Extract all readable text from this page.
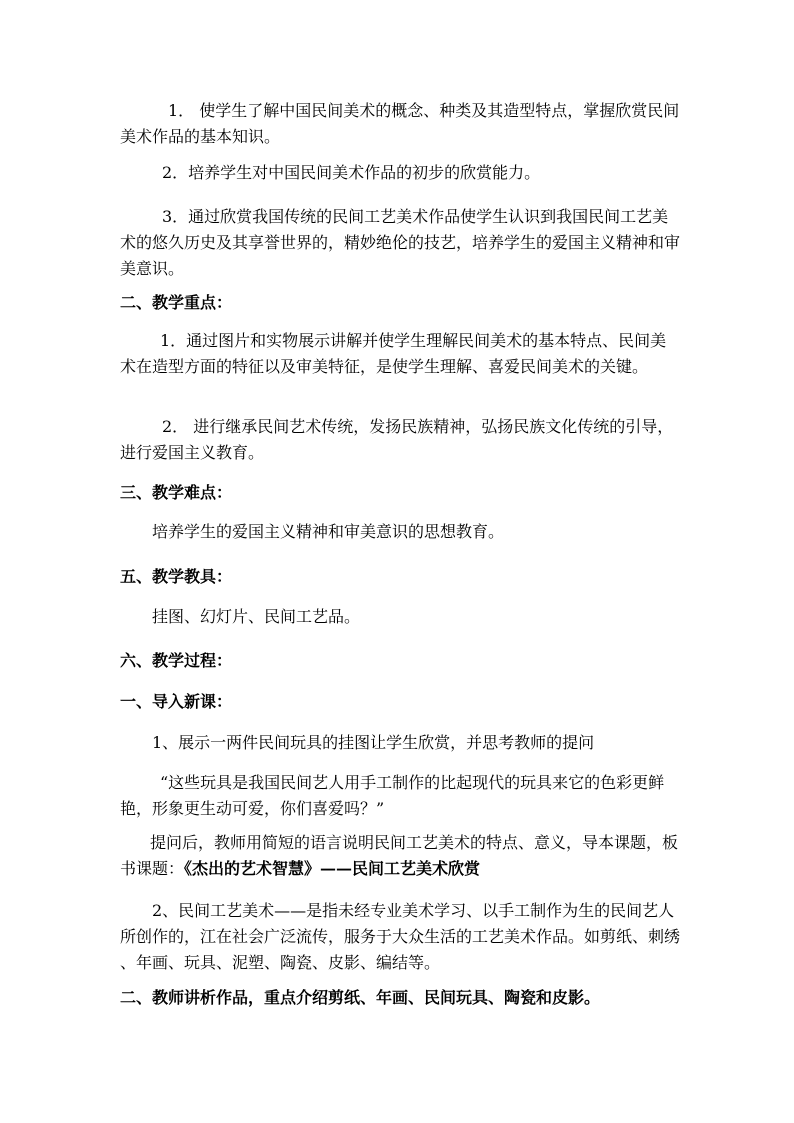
1． 使学生了解中国民间美术的概念、种类及其造型特点，掌握欣赏民间美术作品的基本知识。

2．培养学生对中国民间美术作品的初步的欣赏能力。

3．通过欣赏我国传统的民间工艺美术作品使学生认识到我国民间工艺美术的悠久历史及其享誉世界的，精妙绝伦的技艺，培养学生的爱国主义精神和审美意识。

二、教学重点：

1．通过图片和实物展示讲解并使学生理解民间美术的基本特点、民间美术在造型方面的特征以及审美特征，是使学生理解、喜爱民间美术的关键。

2． 进行继承民间艺术传统，发扬民族精神，弘扬民族文化传统的引导，进行爱国主义教育。

三、教学难点：

培养学生的爱国主义精神和审美意识的思想教育。

五、教学教具：

挂图、幻灯片、民间工艺品。

六、教学过程：

一、导入新课：

1、展示一两件民间玩具的挂图让学生欣赏，并思考教师的提问

“这些玩具是我国民间艺人用手工制作的比起现代的玩具来它的色彩更鲜艳，形象更生动可爱，你们喜爱吗？”

提问后，教师用简短的语言说明民间工艺美术的特点、意义，导本课题，板书课题：《杰出的艺术智慧》——民间工艺美术欣赏

2、民间工艺美术——是指未经专业美术学习、以手工制作为生的民间艺人所创作的，江在社会广泛流传，服务于大众生活的工艺美术作品。如剪纸、刺绣 、年画、玩具、泥塑、陶瓷、皮影、编结等。

二、教师讲析作品，重点介绍剪纸、年画、民间玩具、陶瓷和皮影。
